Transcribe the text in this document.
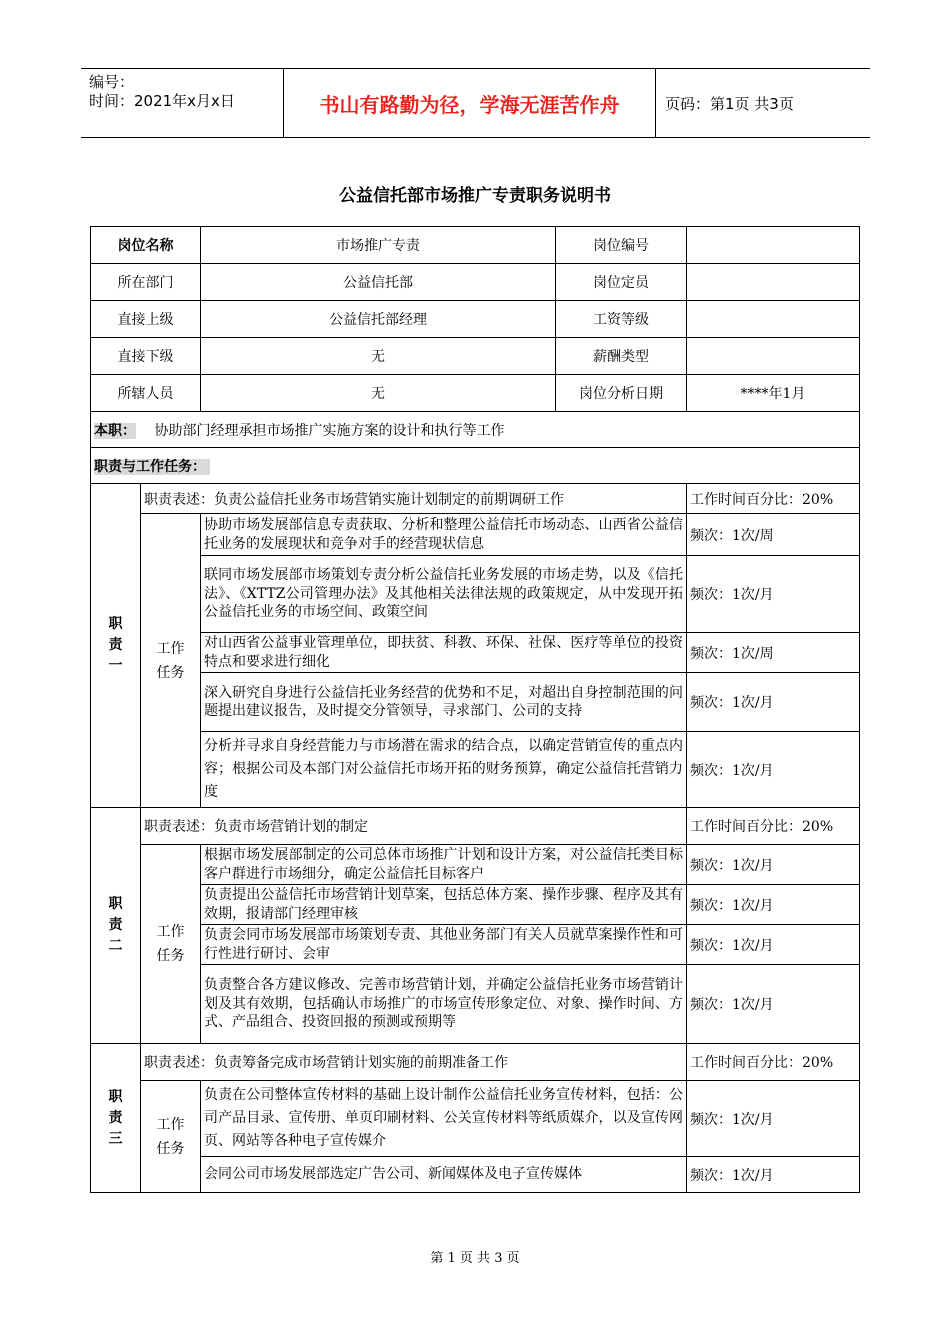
编号：
时间：2021年x月x日	书山有路勤为径，学海无涯苦作舟	页码：第1页 共3页
公益信托部市场推广专责职务说明书
岗位名称		市场推广专责 岗位编号	

所在部门		公益信托部 岗位定员	

直接上级		公益信托部经理 工资等级	

直接下级		无 薪酬类型	

所辖人员		无 岗位分析日期	****年1月
本职： 协助部门经理承担市场推广实施方案的设计和执行等工作			
职责与工作任务：			

职
责
一	职责表述：负责公益信托业务市场营销实施计划制定的前期调研工作		工作时间百分比：20%

	工作
任务	协助市场发展部信息专责获取、分析和整理公益信托市场动态、山西省公益信托业务的发展现状和竞争对手的经营现状信息	频次：1次/周
		联同市场发展部市场策划专责分析公益信托业务发展的市场走势，以及《信托法》、《XTTZ公司管理办法》及其他相关法律法规的政策规定，从中发现开拓公益信托业务的市场空间、政策空间	频次：1次/月
		对山西省公益事业管理单位，即扶贫、科教、环保、社保、医疗等单位的投资特点和要求进行细化	频次：1次/周
		深入研究自身进行公益信托业务经营的优势和不足，对超出自身控制范围的问题提出建议报告，及时提交分管领导，寻求部门、公司的支持	频次：1次/月
		分析并寻求自身经营能力与市场潜在需求的结合点，以确定营销宣传的重点内容；根据公司及本部门对公益信托市场开拓的财务预算，确定公益信托营销力度	频次：1次/月

职
责
二	职责表述：负责市场营销计划的制定		工作时间百分比：20%

	工作
任务	根据市场发展部制定的公司总体市场推广计划和设计方案，对公益信托类目标客户群进行市场细分，确定公益信托目标客户	频次：1次/月
		负责提出公益信托市场营销计划草案，包括总体方案、操作步骤、程序及其有效期，报请部门经理审核	频次：1次/月
		负责会同市场发展部市场策划专责、其他业务部门有关人员就草案操作性和可行性进行研讨、会审	频次：1次/月
		负责整合各方建议修改、完善市场营销计划，并确定公益信托业务市场营销计划及其有效期，包括确认市场推广的市场宣传形象定位、对象、操作时间、方式、产品组合、投资回报的预测或预期等	频次：1次/月

职
责
三	职责表述：负责筹备完成市场营销计划实施的前期准备工作		工作时间百分比：20%

	工作
任务	负责在公司整体宣传材料的基础上设计制作公益信托业务宣传材料，包括：公司产品目录、宣传册、单页印刷材料、公关宣传材料等纸质媒介，以及宣传网页、网站等各种电子宣传媒介	频次：1次/月
		会同公司市场发展部选定广告公司、新闻媒体及电子宣传媒体	频次：1次/月
第 1 页 共 3 页
